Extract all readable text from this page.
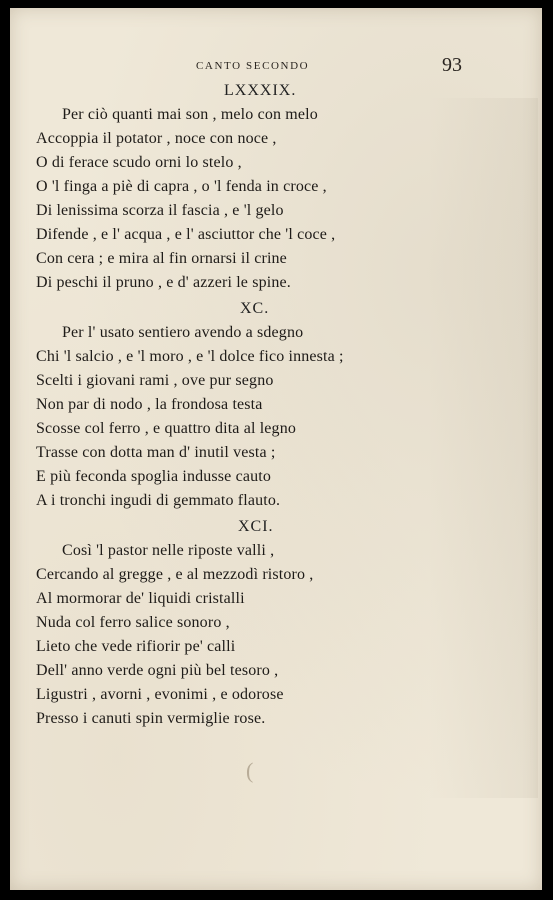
CANTO SECONDO	93
LXXXIX.
Per ciò quanti mai son , melo con melo
Accoppia il potator , noce con noce ,
O di ferace scudo orni lo stelo ,
O 'l finga a piè di capra , o 'l fenda in croce ,
Di lenissima scorza il fascia , e 'l gelo
Difende , e l' acqua , e l' asciuttor che 'l coce ,
Con cera ; e mira al fin ornarsi il crine
Di peschi il pruno , e d' azzeri le spine.
XC.
Per l' usato sentiero avendo a sdegno
Chi 'l salcio , e 'l moro , e 'l dolce fico innesta ;
Scelti i giovani rami , ove pur segno
Non par di nodo , la frondosa testa
Scosse col ferro , e quattro dita al legno
Trasse con dotta man d' inutil vesta ;
E più feconda spoglia indusse cauto
A i tronchi ingudi di gemmato flauto.
XCI.
Così 'l pastor nelle riposte valli ,
Cercando al gregge , e al mezzodì ristoro ,
Al mormorar de' liquidi cristalli
Nuda col ferro salice sonoro ,
Lieto che vede rifiorir pe' calli
Dell' anno verde ogni più bel tesoro ,
Ligustri , avorni , evonimi , e odorose
Presso i canuti spin vermiglie rose.
(
